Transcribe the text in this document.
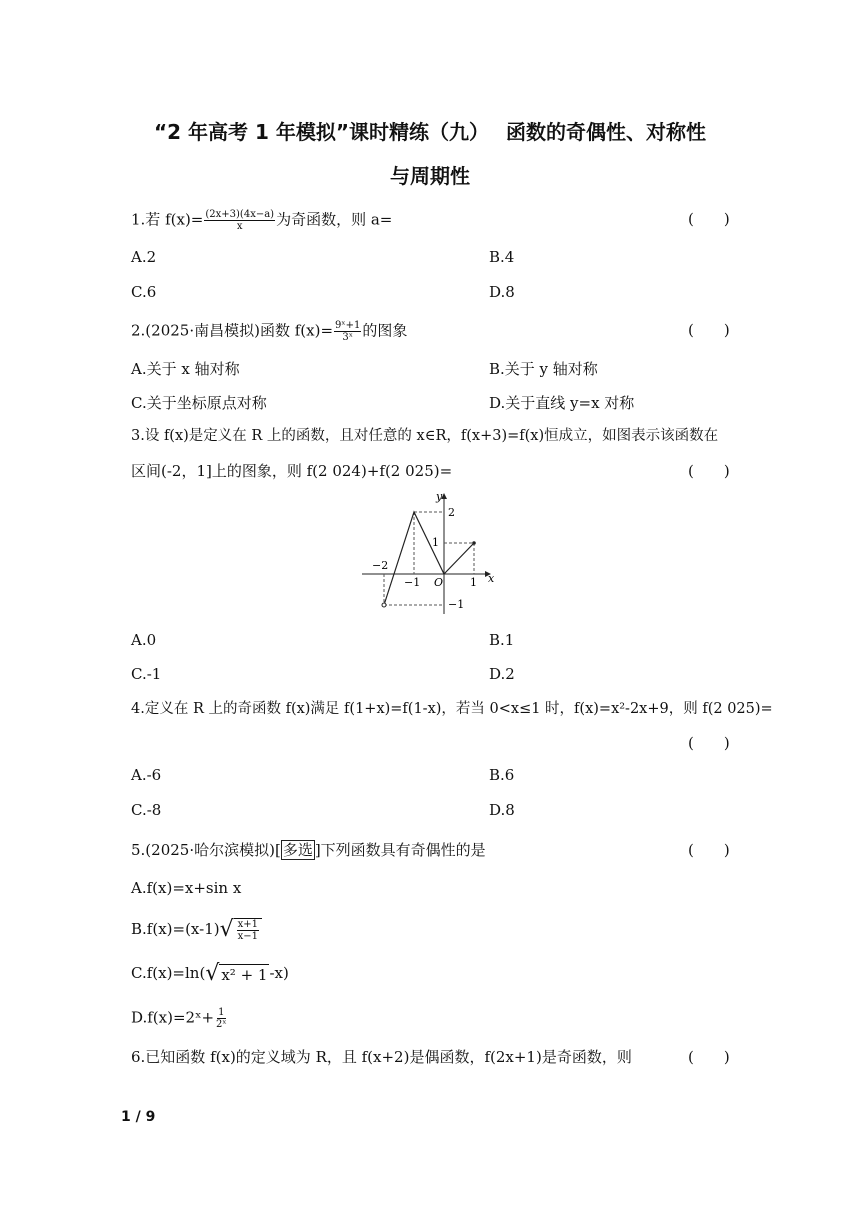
“2 年高考 1 年模拟”课时精练（九）　 函数的奇偶性、对称性
与周期性
1.若 $f(x)= \frac{(2x+3)(4x-a)}{x}$ 为奇函数，则 a=	(　　)
A.2	B.4
C.6	D.8
2.(2025·南昌模拟)函数 $f(x)= \frac{\text{9ˣ+1}}{\text{3ˣ}}$ 的图象	(　　)
A.关于 x 轴对称	B.关于 y 轴对称
C.关于坐标原点对称	D.关于直线 y=x 对称
3.设 f(x)是定义在 R 上的函数，且对任意的 x∈R，f(x+3)=f(x)恒成立，如图表示该函数在
区间(-2，1]上的图象，则 f(2 024)+f(2 025)=	(　　)
y
x
O
2
1
−1
−2
−1	1
A.0	B.1
C.-1	D.2
4.定义在 R 上的奇函数 f(x)满足 f(1+x)=f(1-x)，若当 0<x≤1 时，f(x)=x²-2x+9，则 f(2 025)=
(　　)
A.-6	B.6
C.-8	D.8
5.(2025·哈尔滨模拟)[ 多选 ]下列函数具有奇偶性的是	(　　)
A.f(x)=x+sin x
B.f(x)=(x-1) √ $\frac{x+1}{x-1}$
C.f(x)=ln( √ x² + 1 -x)
D.f(x)=2ˣ+ $\frac{1}{\text{2ˣ}}$
6.已知函数 f(x)的定义域为 R，且 f(x+2)是偶函数，f(2x+1)是奇函数，则	(　　)
1 / 9
